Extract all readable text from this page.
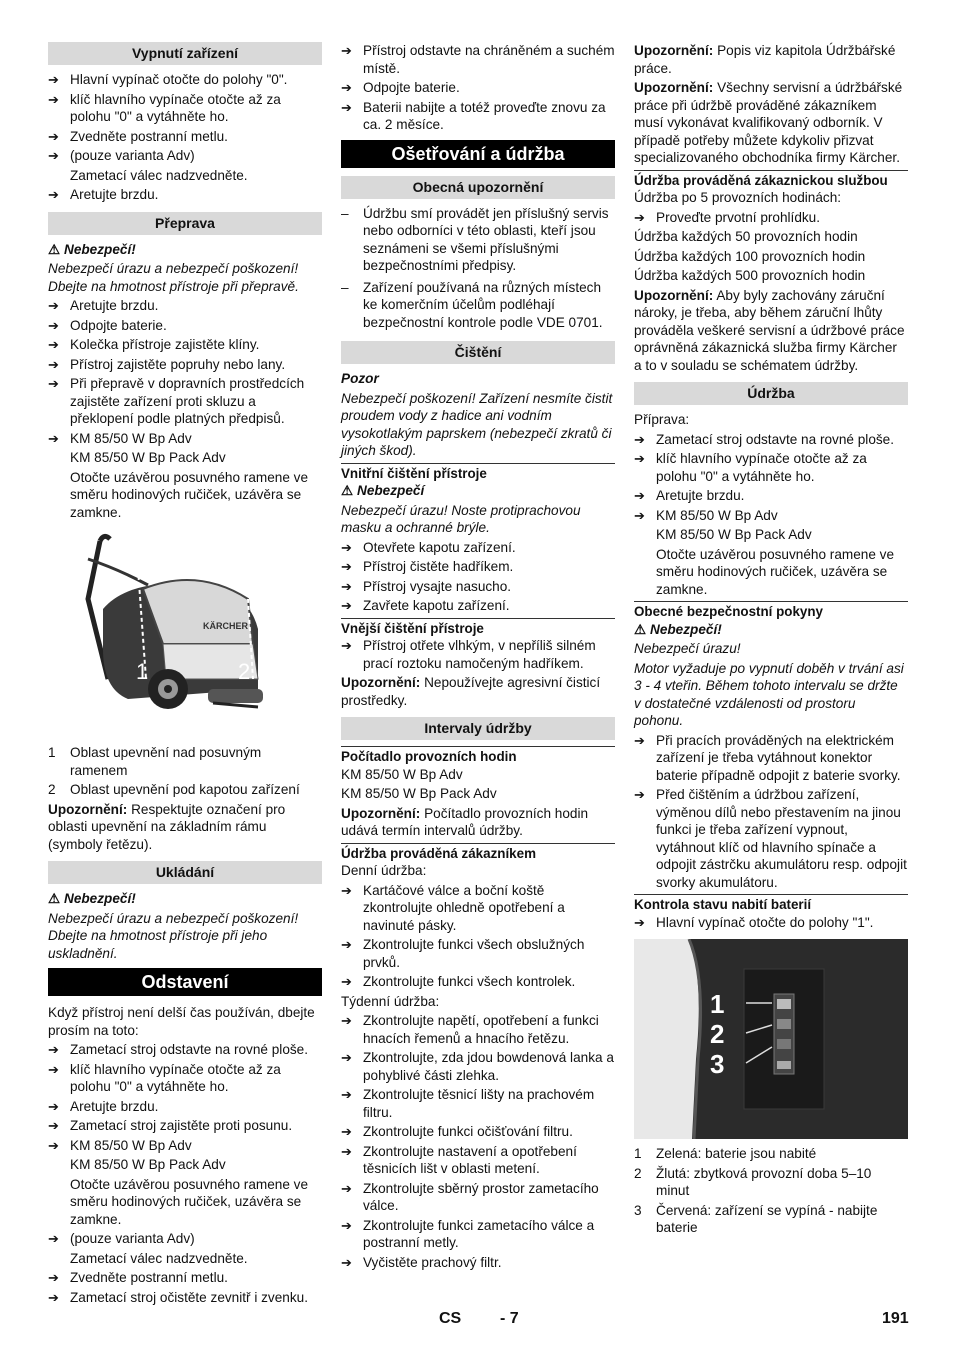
Vypnutí zařízení
➔ Hlavní vypínač otočte do polohy "0".
➔ klíč hlavního vypínače otočte až za polohu "0" a vytáhněte ho.
➔ Zvedněte postranní metlu.
➔ (pouze varianta Adv)
Zametací válec nadzvedněte.
➔ Aretujte brzdu.
Přeprava

⚠ Nebezpečí!

Nebezpečí úrazu a nebezpečí poškození! Dbejte na hmotnost přístroje při přepravě.

➔ Aretujte brzdu.
➔ Odpojte baterie.
➔ Kolečka přístroje zajistěte klíny.
➔ Přístroj zajistěte popruhy nebo lany.
➔ Při přepravě v dopravních prostředcích zajistěte zařízení proti skluzu a překlopení podle platných předpisů.
➔ KM 85/50 W Bp Adv
KM 85/50 W Bp Pack Adv
Otočte uzávěrou posuvného ramene ve směru hodinových ručiček, uzávěra se zamkne.
KÄRCHER
1	2
1 Oblast upevnění nad posuvným ramenem
2 Oblast upevnění pod kapotou zařízení

Upozornění: Respektujte označení pro oblasti upevnění na základním rámu (symboly řetězu).

Ukládání

⚠ Nebezpečí!

Nebezpečí úrazu a nebezpečí poškození! Dbejte na hmotnost přístroje při jeho uskladnění.

Odstavení

Když přístroj není delší čas používán, dbejte prosím na toto:

➔ Zametací stroj odstavte na rovné ploše.
➔ klíč hlavního vypínače otočte až za polohu "0" a vytáhněte ho.
➔ Aretujte brzdu.
➔ Zametací stroj zajistěte proti posunu.
➔ KM 85/50 W Bp Adv
KM 85/50 W Bp Pack Adv
Otočte uzávěrou posuvného ramene ve směru hodinových ručiček, uzávěra se zamkne.
➔ (pouze varianta Adv)
Zametací válec nadzvedněte.
➔ Zvedněte postranní metlu.
➔ Zametací stroj očistěte zevnitř i zvenku.
➔ Přístroj odstavte na chráněném a suchém místě.
➔ Odpojte baterie.
➔ Baterii nabijte a totéž proveďte znovu za ca. 2 měsíce.
Ošetřování a údržba
Obecná upozornění
– Údržbu smí provádět jen příslušný servis nebo odborníci v této oblasti, kteří jsou seznámeni se všemi příslušnými bezpečnostními předpisy.
– Zařízení používaná na různých místech ke komerčním účelům podléhají bezpečnostní kontrole podle VDE 0701.
Čištění

Pozor

Nebezpečí poškození! Zařízení nesmíte čistit proudem vody z hadice ani vodním vysokotlakým paprskem (nebezpečí zkratů či jiných škod).

Vnitřní čištění přístroje

⚠ Nebezpečí

Nebezpečí úrazu! Noste protiprachovou masku a ochranné brýle.

➔ Otevřete kapotu zařízení.
➔ Přístroj čistěte hadříkem.
➔ Přístroj vysajte nasucho.
➔ Zavřete kapotu zařízení.
Vnější čištění přístroje
➔ Přístroj otřete vlhkým, v nepříliš silném prací roztoku namočeným hadříkem.

Upozornění: Nepoužívejte agresivní čisticí prostředky.

Intervaly údržby
Počítadlo provozních hodin

KM 85/50 W Bp Adv

KM 85/50 W Bp Pack Adv

Upozornění: Počítadlo provozních hodin udává termín intervalů údržby.

Údržba prováděná zákazníkem

Denní údržba:

➔ Kartáčové válce a boční koště zkontrolujte ohledně opotřebení a navinuté pásky.
➔ Zkontrolujte funkci všech obslužných prvků.
➔ Zkontrolujte funkci všech kontrolek.

Týdenní údržba:

➔ Zkontrolujte napětí, opotřebení a funkci hnacích řemenů a hnacího řetězu.
➔ Zkontrolujte, zda jdou bowdenová lanka a pohyblivé části zlehka.
➔ Zkontrolujte těsnicí lišty na prachovém filtru.
➔ Zkontrolujte funkci očišťování filtru.
➔ Zkontrolujte nastavení a opotřebení těsnicích lišt v oblasti metení.
➔ Zkontrolujte sběrný prostor zametacího válce.
➔ Zkontrolujte funkci zametacího válce a postranní metly.
➔ Vyčistěte prachový filtr.

Upozornění: Popis viz kapitola Údržbářské práce.

Upozornění: Všechny servisní a údržbářské práce při údržbě prováděné zákazníkem musí vykonávat kvalifikovaný odborník. V případě potřeby můžete kdykoliv přizvat specializovaného obchodníka firmy Kärcher.

Údržba prováděná zákaznickou službou

Údržba po 5 provozních hodinách:

➔ Proveďte prvotní prohlídku.

Údržba každých 50 provozních hodin

Údržba každých 100 provozních hodin

Údržba každých 500 provozních hodin

Upozornění: Aby byly zachovány záruční nároky, je třeba, aby během záruční lhůty prováděla veškeré servisní a údržbové práce oprávněná zákaznická služba firmy Kärcher a to v souladu se schématem údržby.

Údržba

Příprava:

➔ Zametací stroj odstavte na rovné ploše.
➔ klíč hlavního vypínače otočte až za polohu "0" a vytáhněte ho.
➔ Aretujte brzdu.
➔ KM 85/50 W Bp Adv
KM 85/50 W Bp Pack Adv
Otočte uzávěrou posuvného ramene ve směru hodinových ručiček, uzávěra se zamkne.
Obecné bezpečnostní pokyny

⚠ Nebezpečí!

Nebezpečí úrazu!

Motor vyžaduje po vypnutí doběh v trvání asi 3 - 4 vteřin. Během tohoto intervalu se držte v dostatečné vzdálenosti od prostoru pohonu.

➔ Při pracích prováděných na elektrickém zařízení je třeba vytáhnout konektor baterie případně odpojit z baterie svorky.
➔ Před čištěním a údržbou zařízení, výměnou dílů nebo přestavením na jinou funkci je třeba zařízení vypnout, vytáhnout klíč od hlavního spínače a odpojit zástrčku akumulátoru resp. odpojit svorky akumulátoru.
Kontrola stavu nabití baterií
➔ Hlavní vypínač otočte do polohy "1".
1
2
3
1 Zelená: baterie jsou nabité
2 Žlutá: zbytková provozní doba 5–10 minut
3 Červená: zařízení se vypíná - nabijte baterie
CS - 7	191
